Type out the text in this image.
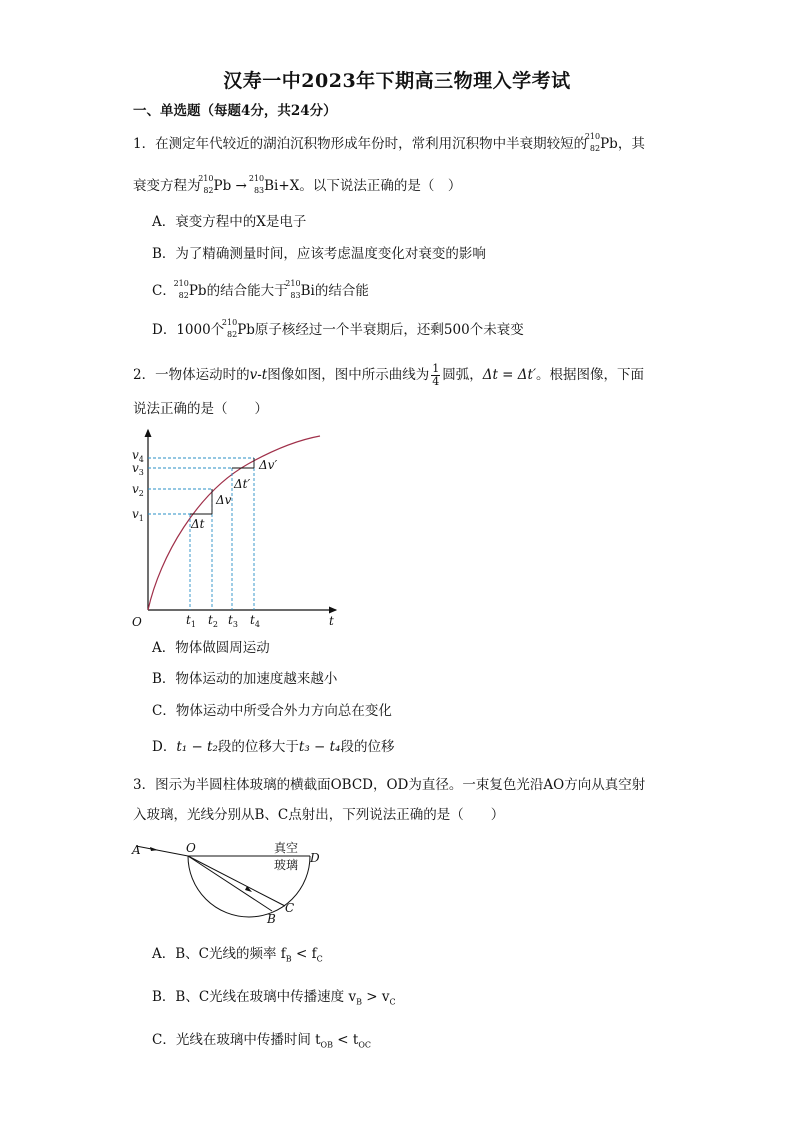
汉寿一中2023年下期高三物理入学考试
一、单选题（每题4分，共24分）
1．在测定年代较近的湖泊沉积物形成年份时，常利用沉积物中半衰期较短的
210
82 Pb，其
衰变方程为
210
82 Pb → 210
83 Bi+X。以下说法正确的是（　）
A．衰变方程中的X是电子
B．为了精确测量时间，应该考虑温度变化对衰变的影响
C．
210
82 Pb的结合能大于
210
83 Bi的结合能
D．1000个
210
82 Pb原子核经过一个半衰期后，还剩500个未衰变
2．一物体运动时的v-t图像如图，图中所示曲线为 $\frac{1}{4}$ 圆弧，Δt = Δt′。根据图像，下面
说法正确的是（　　）
O	t
$v_1$
$v_2$
$v_3$
$v_4$
$t_1$ $t_2$ $t_3$ $t_4$
Δv
Δt
Δv′
Δt′
A．物体做圆周运动
B．物体运动的加速度越来越小
C．物体运动中所受合外力方向总在变化
D．t₁ − t₂段的位移大于t₃ − t₄段的位移
3．图示为半圆柱体玻璃的横截面OBCD，OD为直径。一束复色光沿AO方向从真空射
入玻璃，光线分别从B、C点射出，下列说法正确的是（　　）
A	O
D
B
C
真空
玻璃
A．B、C光线的频率 $f_B < f_C$
B．B、C光线在玻璃中传播速度 $v_B > v_C$
C．光线在玻璃中传播时间 $t_{OB} < t_{OC}$
